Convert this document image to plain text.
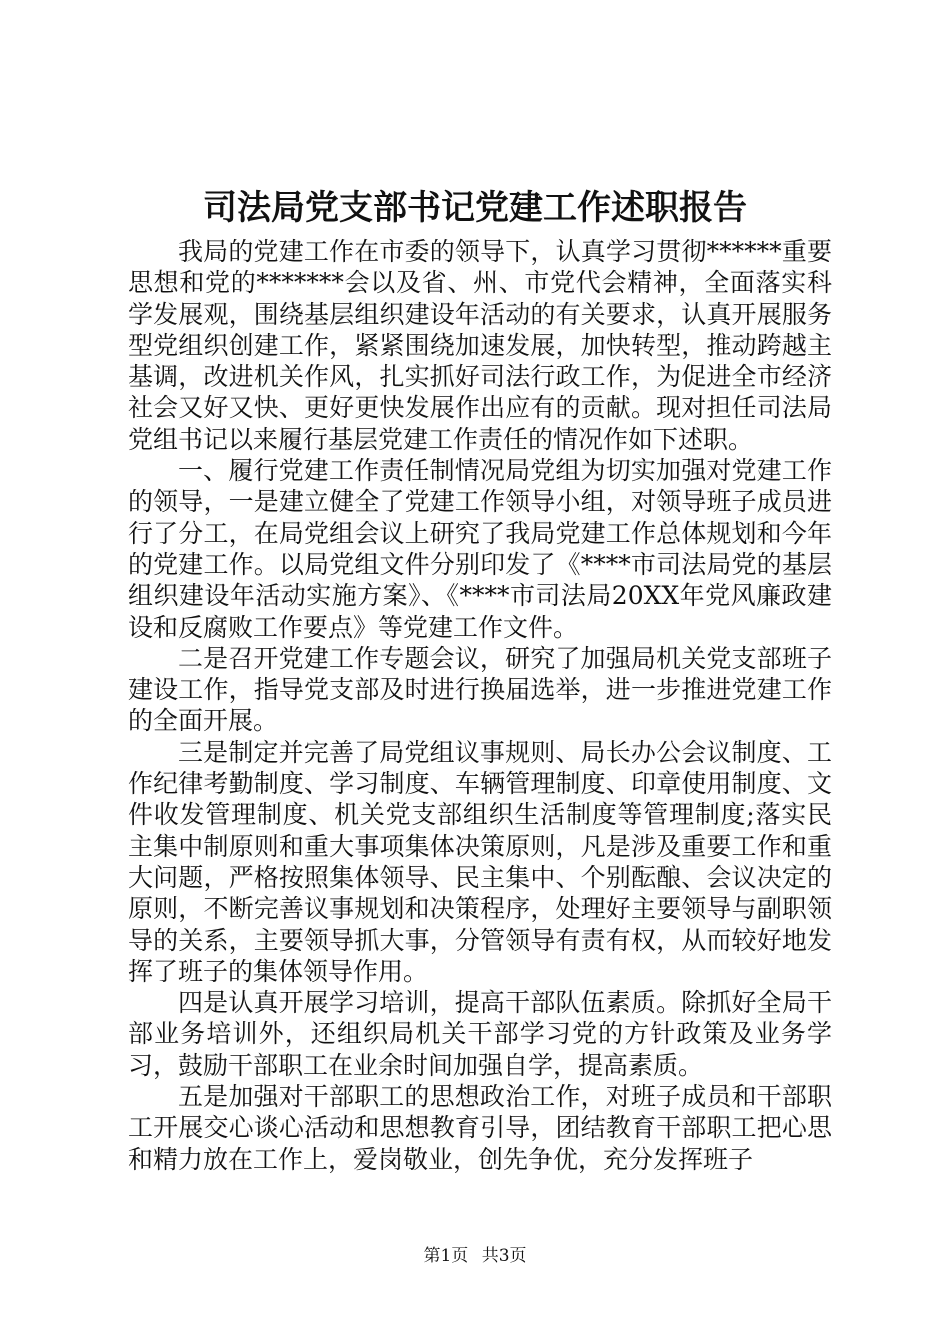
司法局党支部书记党建工作述职报告

我局的党建工作在市委的领导下，认真学习贯彻******重要思想和党的*******会以及省、州、市党代会精神，全面落实科学发展观，围绕基层组织建设年活动的有关要求，认真开展服务型党组织创建工作，紧紧围绕加速发展，加快转型，推动跨越主基调，改进机关作风，扎实抓好司法行政工作，为促进全市经济社会又好又快、更好更快发展作出应有的贡献。现对担任司法局党组书记以来履行基层党建工作责任的情况作如下述职。

一、履行党建工作责任制情况局党组为切实加强对党建工作的领导，一是建立健全了党建工作领导小组，对领导班子成员进行了分工，在局党组会议上研究了我局党建工作总体规划和今年的党建工作。以局党组文件分别印发了《****市司法局党的基层组织建设年活动实施方案》、《****市司法局20XX年党风廉政建设和反腐败工作要点》等党建工作文件。

二是召开党建工作专题会议，研究了加强局机关党支部班子建设工作，指导党支部及时进行换届选举，进一步推进党建工作的全面开展。

三是制定并完善了局党组议事规则、局长办公会议制度、工作纪律考勤制度、学习制度、车辆管理制度、印章使用制度、文件收发管理制度、机关党支部组织生活制度等管理制度;落实民主集中制原则和重大事项集体决策原则，凡是涉及重要工作和重大问题，严格按照集体领导、民主集中、个别酝酿、会议决定的原则，不断完善议事规划和决策程序，处理好主要领导与副职领导的关系，主要领导抓大事，分管领导有责有权，从而较好地发挥了班子的集体领导作用。

四是认真开展学习培训，提高干部队伍素质。除抓好全局干部业务培训外，还组织局机关干部学习党的方针政策及业务学习，鼓励干部职工在业余时间加强自学，提高素质。

五是加强对干部职工的思想政治工作，对班子成员和干部职工开展交心谈心活动和思想教育引导，团结教育干部职工把心思和精力放在工作上，爱岗敬业，创先争优，充分发挥班子

第1页 共3页
